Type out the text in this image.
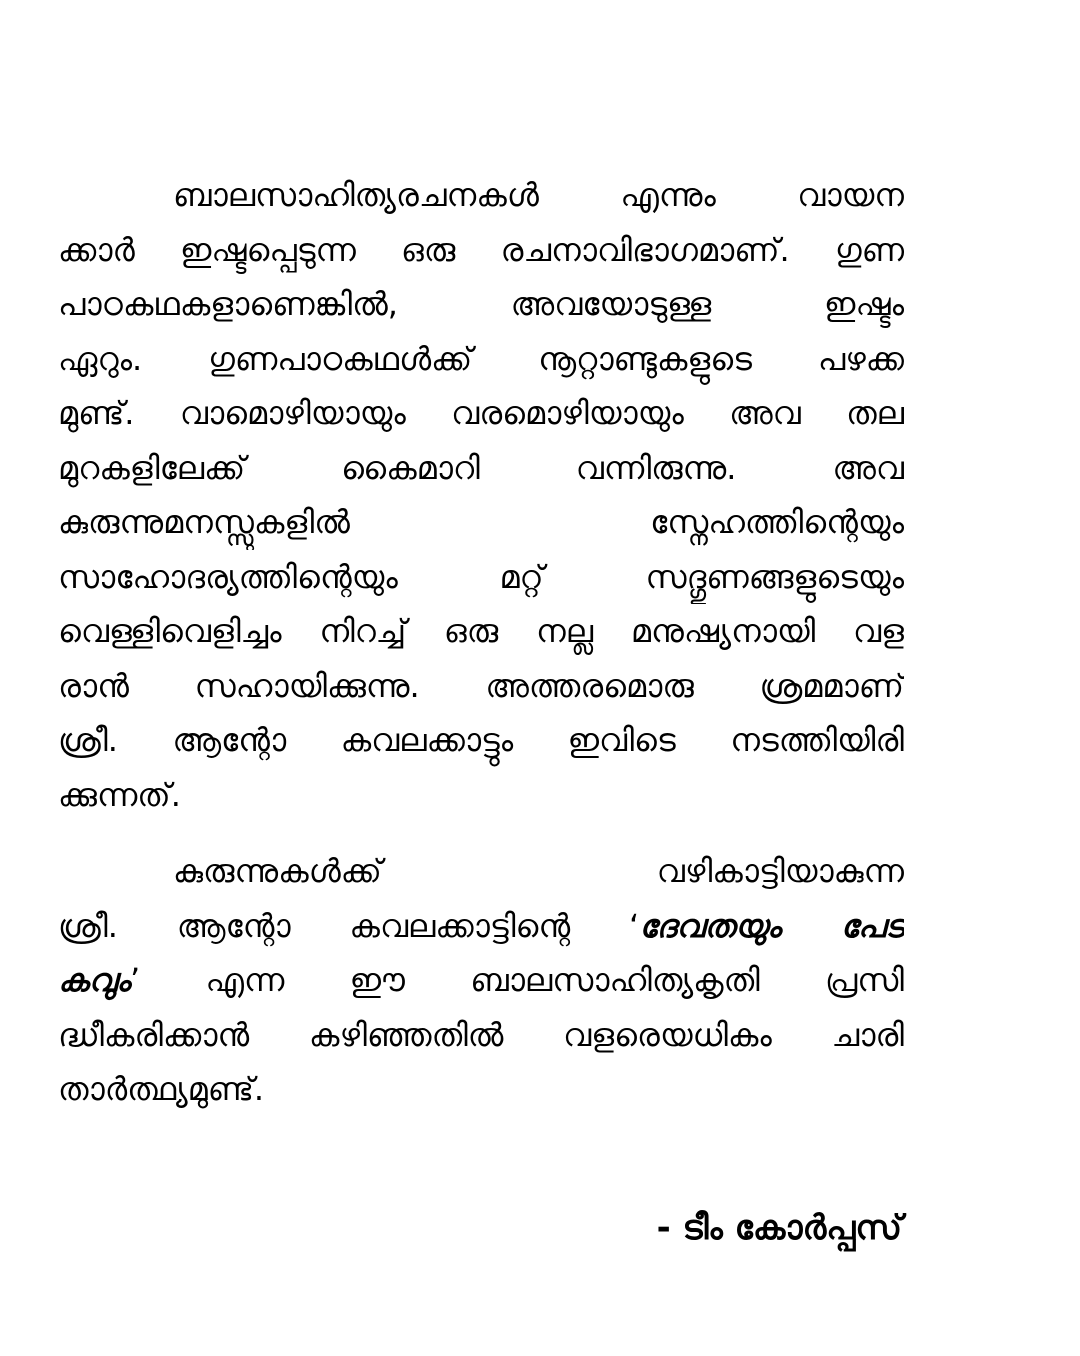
ബാലസാഹിത്യരചനകൾ എന്നും വായന
ക്കാർ ഇഷ്ടപ്പെടുന്ന ഒരു രചനാവിഭാഗമാണ്. ഗുണ
പാഠകഥകളാണെങ്കിൽ, അവയോടുള്ള ഇഷ്ടം
ഏറും. ഗുണപാഠകഥൾക്ക് നൂറ്റാണ്ടുകളുടെ പഴക്ക
മുണ്ട്. വാമൊഴിയായും വരമൊഴിയായും അവ തല
മുറകളിലേക്ക് കൈമാറി വന്നിരുന്നു. അവ
കുരുന്നുമനസ്സുകളിൽ സ്നേഹത്തിന്റെയും
സാഹോദര്യത്തിന്റെയും മറ്റ് സദ്ഗുണങ്ങളുടെയും
വെള്ളിവെളിച്ചം നിറച്ച് ഒരു നല്ല മനുഷ്യനായി വള
രാൻ സഹായിക്കുന്നു. അത്തരമൊരു ശ്രമമാണ്
ശ്രീ. ആന്റോ കവലക്കാട്ടും ഇവിടെ നടത്തിയിരി
ക്കുന്നത്.
കുരുന്നുകൾക്ക് വഴികാട്ടിയാകുന്ന
ശ്രീ. ആന്റോ കവലക്കാട്ടിന്റെ ‘ദേവതയും പേട
കവും’ എന്ന ഈ ബാലസാഹിത്യകൃതി പ്രസി
ദ്ധീകരിക്കാൻ കഴിഞ്ഞതിൽ വളരെയധികം ചാരി
താർത്ഥ്യമുണ്ട്.
- ടീം കോർപ്പസ്
